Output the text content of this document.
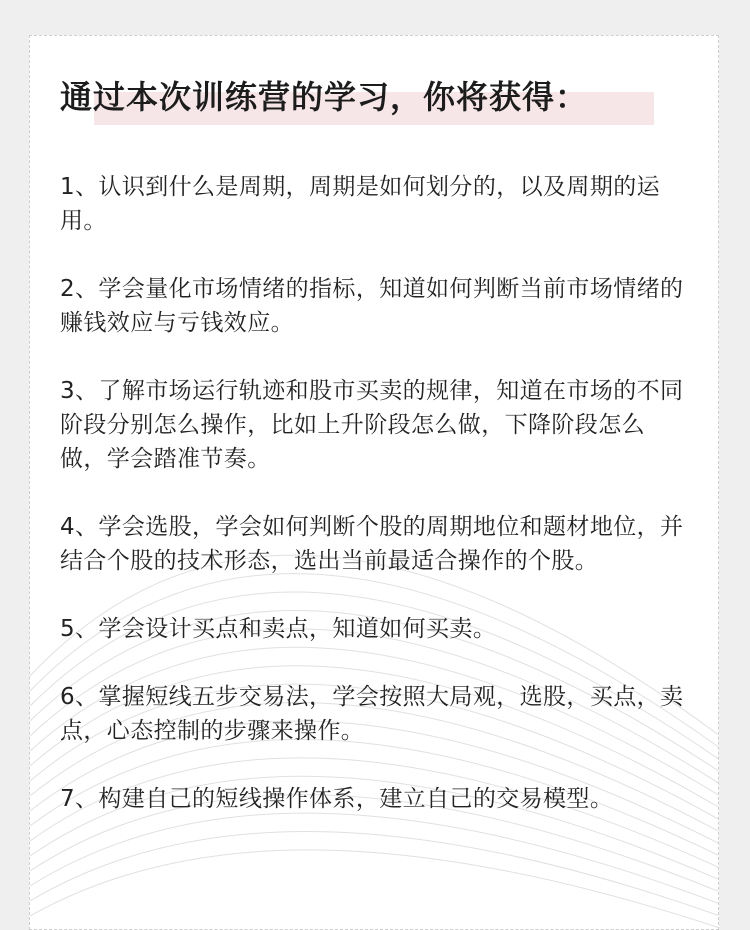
通过本次训练营的学习，你将获得：
1、认识到什么是周期，周期是如何划分的，以及周期的运用。
2、学会量化市场情绪的指标，知道如何判断当前市场情绪的赚钱效应与亏钱效应。
3、了解市场运行轨迹和股市买卖的规律，知道在市场的不同阶段分别怎么操作，比如上升阶段怎么做，下降阶段怎么做，学会踏准节奏。
4、学会选股，学会如何判断个股的周期地位和题材地位，并结合个股的技术形态，选出当前最适合操作的个股。
5、学会设计买点和卖点，知道如何买卖。
6、掌握短线五步交易法，学会按照大局观，选股，买点，卖点，心态控制的步骤来操作。
7、构建自己的短线操作体系，建立自己的交易模型。
